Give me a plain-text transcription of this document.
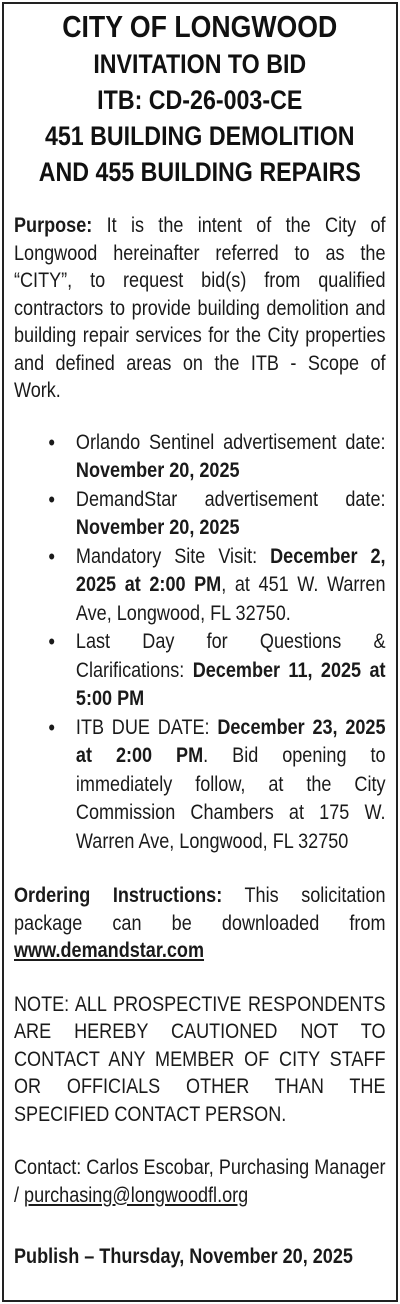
CITY OF LONGWOOD
INVITATION TO BID
ITB: CD-26-003-CE
451 BUILDING DEMOLITION
AND 455 BUILDING REPAIRS
Purpose: It is the intent of the City of Longwood hereinafter referred to as the “CITY”, to request bid(s) from qualified contractors to provide building demolition and building repair services for the City properties and defined areas on the ITB - Scope of Work.
• Orlando Sentinel advertisement date: November 20, 2025
• DemandStar advertisement date: November 20, 2025
• Mandatory Site Visit: December 2, 2025 at 2:00 PM, at 451 W. Warren Ave, Longwood, FL 32750.
• Last Day for Questions & Clarifications: December 11, 2025 at 5:00 PM
• ITB DUE DATE: December 23, 2025 at 2:00 PM. Bid opening to immediately follow, at the City Commission Chambers at 175 W. Warren Ave, Longwood, FL 32750
Ordering Instructions: This solicitation package can be downloaded from www.demandstar.com
NOTE: ALL PROSPECTIVE RESPONDENTS ARE HEREBY CAUTIONED NOT TO CONTACT ANY MEMBER OF CITY STAFF OR OFFICIALS OTHER THAN THE SPECIFIED CONTACT PERSON.
Contact: Carlos Escobar, Purchasing Manager / purchasing@longwoodfl.org
Publish – Thursday, November 20, 2025
